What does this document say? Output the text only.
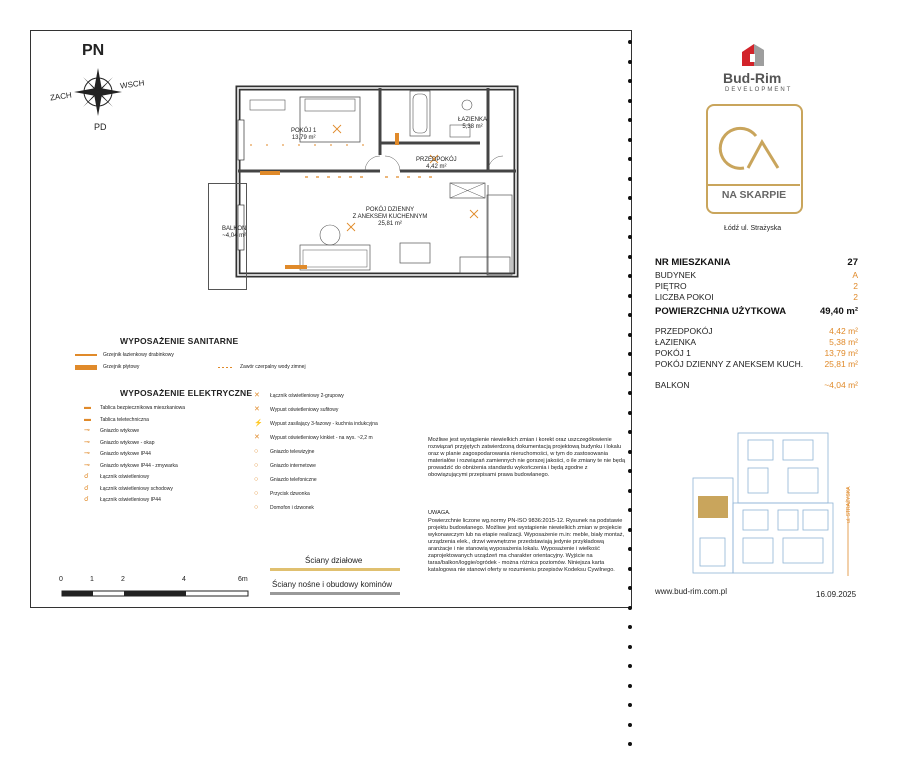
PN
PD
ZACH
WSCH
POKÓJ 1
13,79 m²
ŁAZIENKA
5,38 m²
PRZEDPOKÓJ
4,42 m²
POKÓJ DZIENNY
Z ANEKSEM KUCHENNYM
25,81 m²
BALKON
~4,04 m²
WYPOSAŻENIE SANITARNE
Grzejnik łazienkowy drabinkowy
Grzejnik płytowy	Zawór czerpalny wody zimnej
WYPOSAŻENIE ELEKTRYCZNE
▬	Tablica bezpiecznikowa mieszkaniowa
▬	Tablica teletechniczna
⊸	Gniazdo wtykowe
⊸	Gniazdo wtykowe - okap
⊸	Gniazdo wtykowe IP44
⊸	Gniazdo wtykowe IP44 - zmywarka
☌	Łącznik oświetleniowy
☌	Łącznik oświetleniowy schodowy
☌	Łącznik oświetleniowy IP44
✕	Łącznik oświetleniowy 2-grupowy
✕	Wypust oświetleniowy sufitowy
⚡	Wypust zasilający 3-fazowy - kuchnia indukcyjna
✕	Wypust oświetleniowy kinkiet - na wys. ~2,2 m
○	Gniazdo telewizyjne
○	Gniazdo internetowe
○	Gniazdo telefoniczne
○	Przycisk dzwonka
○	Domofon i dzwonek
Ściany działowe
Ściany nośne i obudowy kominów
0	1	2	4	6m
Możliwe jest wystąpienie niewielkich zmian i korekt oraz uszczegółowienie rozwiązań przyjętych zatwierdzoną dokumentacją projektową budynku i lokalu oraz w planie zagospodarowania nieruchomości, w tym do zastosowania materiałów i rozwiązań zamiennych nie gorszej jakości, o ile zmiany te nie będą prowadzić do obniżenia standardu wykończenia i będą zgodne z obowiązującymi przepisami prawa budowlanego.
UWAGA.
Powierzchnie liczone wg.normy PN-ISO 9836:2015-12. Rysunek na podstawie projektu budowlanego. Możliwe jest wystąpienie niewielkich zmian w projekcie wykonawczym lub na etapie realizacji. Wyposażenie m.in: meble, biały montaż, urządzenia elek., drzwi wewnętrzne przedstawiają jedynie przykładową aranżacje i nie stanowią wyposażenia lokalu. Wyposażenie i wielkość zaprojektowanych urządzeń ma charakter orientacyjny. Wyjście na taras/balkon/loggie/ogródek - można różnica poziomów. Niniejsza karta katalogowa nie stanowi oferty w rozumieniu przepisów Kodeksu Cywilnego.
Bud-Rim
DEVELOPMENT
NA SKARPIE
Łódź ul. Strażyska
NR MIESZKANIA	27
BUDYNEK	A
PIĘTRO	2
LICZBA POKOI	2
POWIERZCHNIA UŻYTKOWA	49,40 m²
PRZEDPOKÓJ	4,42 m²
ŁAZIENKA	5,38 m²
POKÓJ 1	13,79 m²
POKÓJ DZIENNY Z ANEKSEM KUCH.	25,81 m²
BALKON	~4,04 m²
ul. STRAŻYSKA
www.bud-rim.com.pl	16.09.2025
